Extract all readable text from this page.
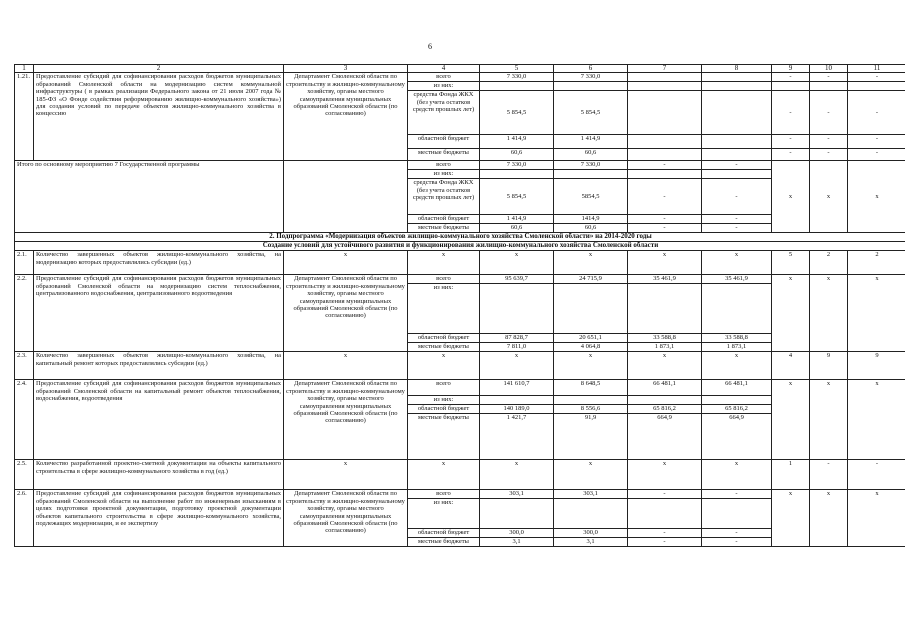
6
1	2	3	4	5	6	7	8	9	10	11
1.21.	Предоставление субсидий для софинансирования расходов бюджетов муниципальных образований Смоленской области на модернизацию систем коммунальной инфраструктуры ( в рамках реализации Федерального закона от 21 июля 2007 года № 185-ФЗ «О Фонде содействия реформированию жилищно-коммунального хозяйства») для создания условий по передаче объектов жилищно-коммунального хозяйства в концессию	Департамент Смоленской области по строительству и жилищно-коммунальному хозяйству, органы местного самоуправления муниципальных образований Смоленской области (по согласованию)	всего	7 330,0	7 330,0			-	-	-
			из них:							
			средства Фонда ЖКХ (без учета остатков средств прошлых лет)	5 854,5	5 854,5			-	-	-
			областной бюджет	1 414,9	1 414,9			-	-	-
			местные бюджеты	60,6	60,6			-	-	-
Итого по основному мероприятию 7 Государственной программы			всего	7 330,0	7 330,0	-	-	x	x	x
			из них:							
			средства Фонда ЖКХ (без учета остатков средств прошлых лет)	5 854,5	5854,5	-	-			
			областной бюджет	1 414,9	1414,9	-	-			
			местные бюджеты	60,6	60,6	-	-			
2. Подпрограмма «Модернизация объектов жилищно-коммунального хозяйства Смоленской области» на 2014-2020 годы										
Создание условий для устойчивого развития и функционирования жилищно-коммунального хозяйства Смоленской области										
2.1.	Количество завершенных объектов жилищно-коммунального хозяйства, на модернизацию которых предоставлялись субсидии (ед.)	x	x	x	x	x	x	5	2	2
2.2.	Предоставление субсидий для софинансирования расходов бюджетов муниципальных образований Смоленской области на модернизацию систем теплоснабжения, централизованного водоснабжения, централизованного водоотведения	Департамент Смоленской области по строительству и жилищно-коммунальному хозяйству, органы местного самоуправления муниципальных образований Смоленской области (по согласованию)	всего	95 639,7	24 715,9	35 461,9	35 461,9	x	x	x
			из них:							
			областной бюджет	87 828,7	20 651,1	33 588,8	33 588,8			
			местные бюджеты	7 811,0	4 064,8	1 873,1	1 873,1			
2.3.	Количество завершенных объектов жилищно-коммунального хозяйства, на капитальный ремонт которых предоставлялись субсидии (ед.)	x	x	x	x	x	x	4	9	9
2.4.	Предоставление субсидий для софинансирования расходов бюджетов муниципальных образований Смоленской области на капитальный ремонт объектов теплоснабжения, водоснабжения, водоотведения	Департамент Смоленской области по строительству и жилищно-коммунальному хозяйству, органы местного самоуправления муниципальных образований Смоленской области (по согласованию)	всего	141 610,7	8 648,5	66 481,1	66 481,1	x	x	x
			из них:							
			областной бюджет	140 189,0	8 556,6	65 816,2	65 816,2			
			местные бюджеты	1 421,7	91,9	664,9	664,9			
2.5.	Количество разработанной проектно-сметной документации на объекты капитального строительства в сфере жилищно-коммунального хозяйства в год (ед.)	x	x	x	x	x	x	1	-	-
2.6.	Предоставление субсидий для софинансирования расходов бюджетов муниципальных образований Смоленской области на выполнение работ по инженерным изысканиям в целях подготовки проектной документации, подготовку проектной документации объектов капитального строительства в сфере жилищно-коммунального хозяйства, подлежащих модернизации, и ее экспертизу	Департамент Смоленской области по строительству и жилищно-коммунальному хозяйству, органы местного самоуправления муниципальных образований Смоленской области (по согласованию)	всего	303,1	303,1	-	-	x	x	x
			из них:							
			областной бюджет	300,0	300,0	-	-			
			местные бюджеты	3,1	3,1	-	-			
